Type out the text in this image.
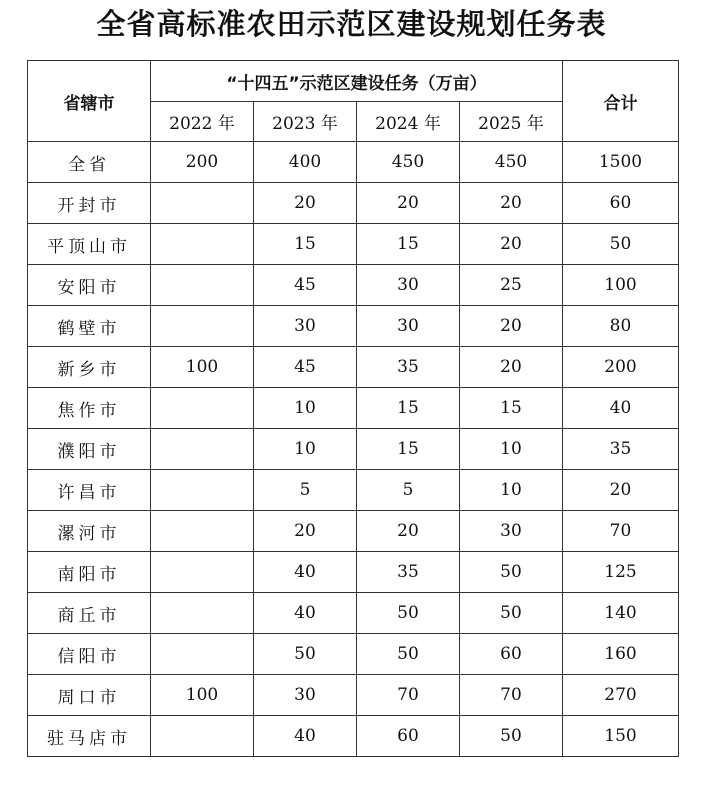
全省高标准农田示范区建设规划任务表
省辖市	“十四五”示范区建设任务（万亩）				合计
	2022 年	2023 年	2024 年	2025 年	
全省	200	400	450	450	1500
开封市		20	20	20	60
平顶山市		15	15	20	50
安阳市		45	30	25	100
鹤壁市		30	30	20	80
新乡市	100	45	35	20	200
焦作市		10	15	15	40
濮阳市		10	15	10	35
许昌市		5	5	10	20
漯河市		20	20	30	70
南阳市		40	35	50	125
商丘市		40	50	50	140
信阳市		50	50	60	160
周口市	100	30	70	70	270
驻马店市		40	60	50	150
